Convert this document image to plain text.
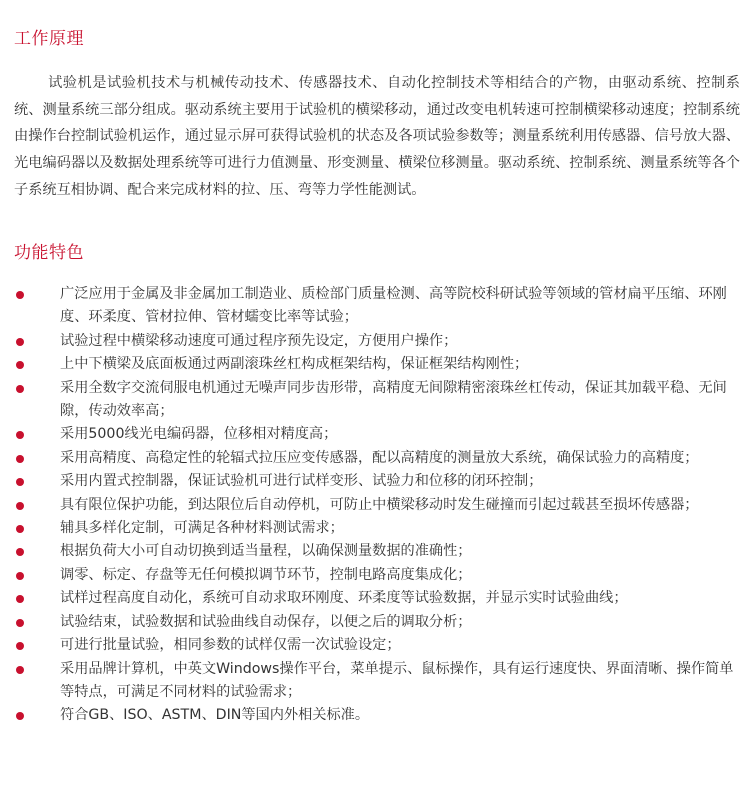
工作原理

试验机是试验机技术与机械传动技术、传感器技术、自动化控制技术等相结合的产物，由驱动系统、控制系统、测量系统三部分组成。驱动系统主要用于试验机的横梁移动，通过改变电机转速可控制横梁移动速度；控制系统由操作台控制试验机运作，通过显示屏可获得试验机的状态及各项试验参数等；测量系统利用传感器、信号放大器、光电编码器以及数据处理系统等可进行力值测量、形变测量、横梁位移测量。驱动系统、控制系统、测量系统等各个子系统互相协调、配合来完成材料的拉、压、弯等力学性能测试。

功能特色
广泛应用于金属及非金属加工制造业、质检部门质量检测、高等院校科研试验等领域的管材扁平压缩、环刚度、环柔度、管材拉伸、管材蠕变比率等试验；
试验过程中横梁移动速度可通过程序预先设定，方便用户操作；
上中下横梁及底面板通过两副滚珠丝杠构成框架结构，保证框架结构刚性；
采用全数字交流伺服电机通过无噪声同步齿形带，高精度无间隙精密滚珠丝杠传动，保证其加载平稳、无间隙，传动效率高；
采用5000线光电编码器，位移相对精度高；
采用高精度、高稳定性的轮辐式拉压应变传感器，配以高精度的测量放大系统，确保试验力的高精度；
采用内置式控制器，保证试验机可进行试样变形、试验力和位移的闭环控制；
具有限位保护功能，到达限位后自动停机，可防止中横梁移动时发生碰撞而引起过载甚至损坏传感器；
辅具多样化定制，可满足各种材料测试需求；
根据负荷大小可自动切换到适当量程，以确保测量数据的准确性；
调零、标定、存盘等无任何模拟调节环节，控制电路高度集成化；
试样过程高度自动化，系统可自动求取环刚度、环柔度等试验数据，并显示实时试验曲线；
试验结束，试验数据和试验曲线自动保存，以便之后的调取分析；
可进行批量试验，相同参数的试样仅需一次试验设定；
采用品牌计算机，中英文Windows操作平台，菜单提示、鼠标操作，具有运行速度快、界面清晰、操作简单等特点，可满足不同材料的试验需求；
符合GB、ISO、ASTM、DIN等国内外相关标准。
